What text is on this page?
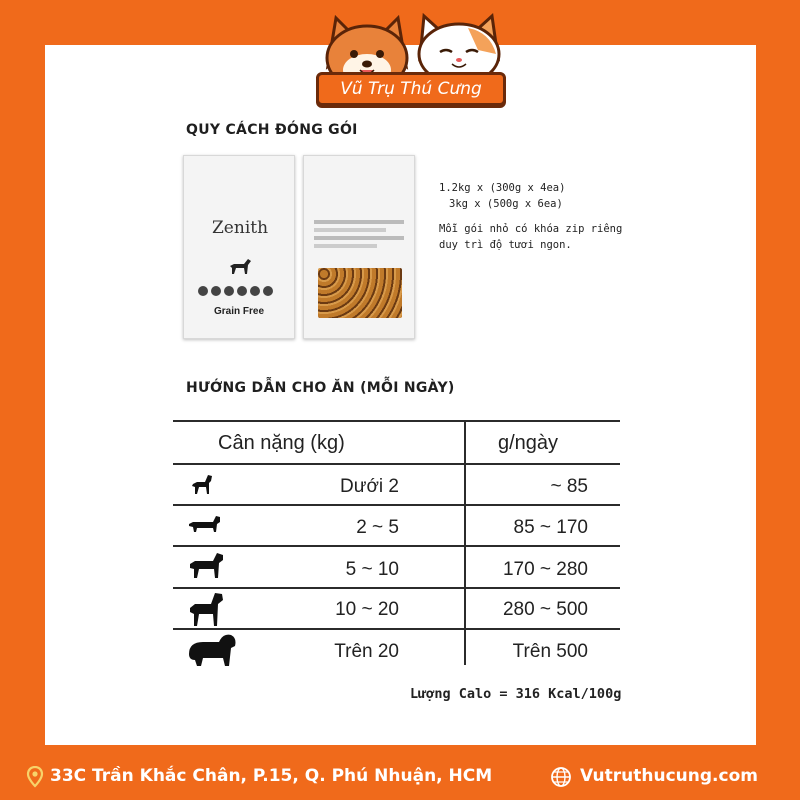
Vũ Trụ Thú Cưng
QUY CÁCH ĐÓNG GÓI
Zenith
Grain Free
1.2kg x (300g x 4ea)
3kg x (500g x 6ea)
Mỗi gói nhỏ có khóa zip riêng
duy trì độ tươi ngon.
HƯỚNG DẪN CHO ĂN (MỖI NGÀY)
Cân nặng (kg)	g/ngày
Dưới 2	~ 85
2 ~ 5	85 ~ 170
5 ~ 10	170 ~ 280
10 ~ 20	280 ~ 500
Trên 20	Trên 500
Lượng Calo = 316 Kcal/100g
33C Trần Khắc Chân, P.15, Q. Phú Nhuận, HCM	Vutruthucung.com
